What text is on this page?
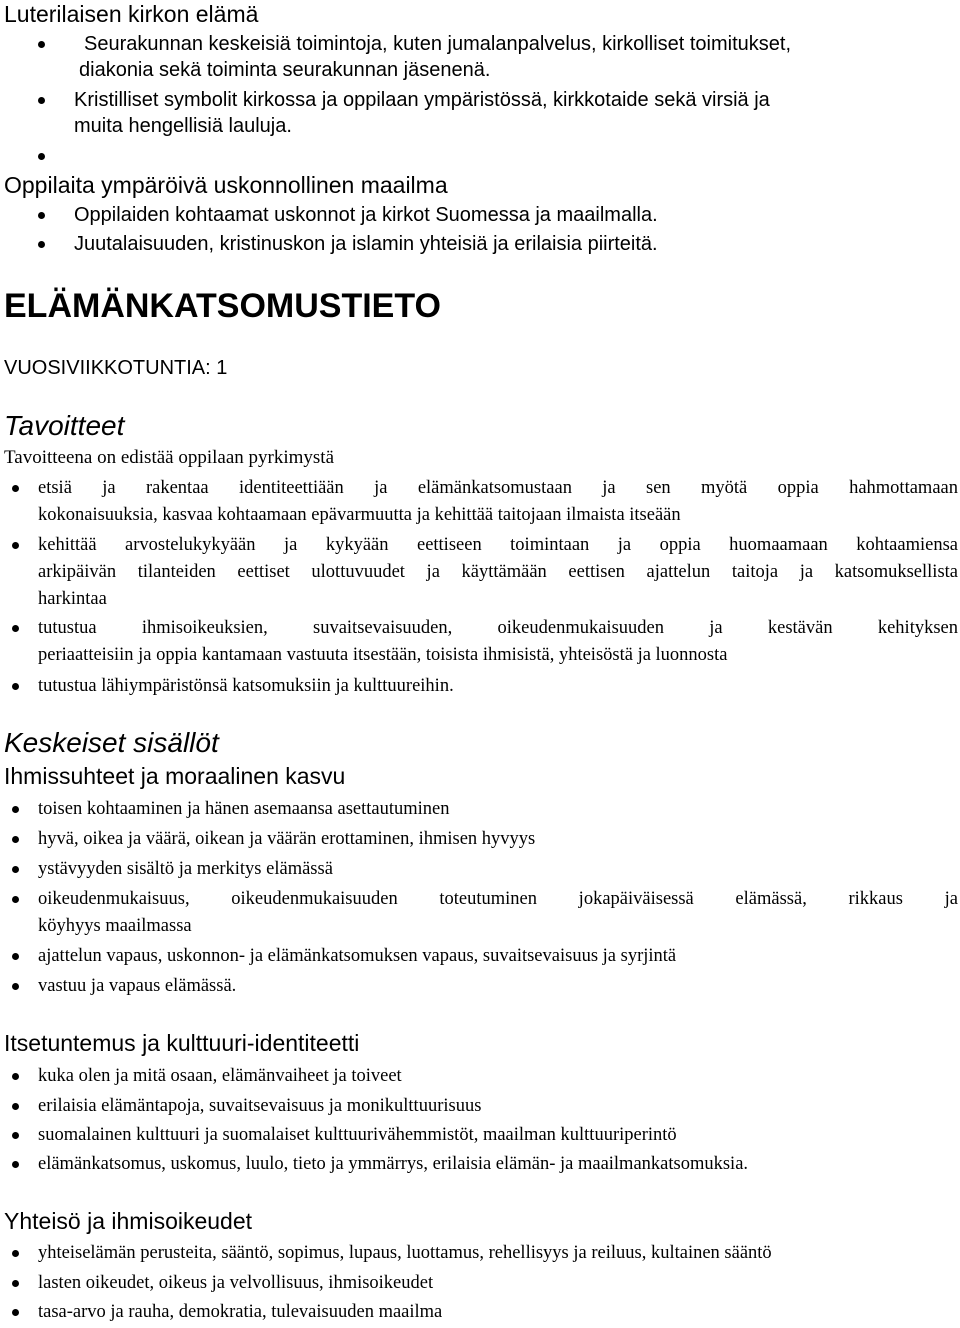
Luterilaisen kirkon elämä
Seurakunnan keskeisiä toimintoja, kuten jumalanpalvelus, kirkolliset toimitukset,
diakonia sekä toiminta seurakunnan jäsenenä.
Kristilliset symbolit kirkossa ja oppilaan ympäristössä, kirkkotaide sekä virsiä ja
muita hengellisiä lauluja.
Oppilaita ympäröivä uskonnollinen maailma
Oppilaiden kohtaamat uskonnot ja kirkot Suomessa ja maailmalla.
Juutalaisuuden, kristinuskon ja islamin yhteisiä ja erilaisia piirteitä.
ELÄMÄNKATSOMUSTIETO
VUOSIVIIKKOTUNTIA: 1
Tavoitteet
Tavoitteena on edistää oppilaan pyrkimystä
etsiä ja rakentaa identiteettiään ja elämänkatsomustaan ja sen myötä oppia hahmottamaan
kokonaisuuksia, kasvaa kohtaamaan epävarmuutta ja kehittää taitojaan ilmaista itseään
kehittää arvostelukykyään ja kykyään eettiseen toimintaan ja oppia huomaamaan kohtaamiensa
arkipäivän tilanteiden eettiset ulottuvuudet ja käyttämään eettisen ajattelun taitoja ja katsomuksellista
harkintaa
tutustua ihmisoikeuksien, suvaitsevaisuuden, oikeudenmukaisuuden ja kestävän kehityksen
periaatteisiin ja oppia kantamaan vastuuta itsestään, toisista ihmisistä, yhteisöstä ja luonnosta
tutustua lähiympäristönsä katsomuksiin ja kulttuureihin.
Keskeiset sisällöt
Ihmissuhteet ja moraalinen kasvu
toisen kohtaaminen ja hänen asemaansa asettautuminen
hyvä, oikea ja väärä, oikean ja väärän erottaminen, ihmisen hyvyys
ystävyyden sisältö ja merkitys elämässä
oikeudenmukaisuus, oikeudenmukaisuuden toteutuminen jokapäiväisessä elämässä, rikkaus ja
köyhyys maailmassa
ajattelun vapaus, uskonnon- ja elämänkatsomuksen vapaus, suvaitsevaisuus ja syrjintä
vastuu ja vapaus elämässä.
Itsetuntemus ja kulttuuri-identiteetti
kuka olen ja mitä osaan, elämänvaiheet ja toiveet
erilaisia elämäntapoja, suvaitsevaisuus ja monikulttuurisuus
suomalainen kulttuuri ja suomalaiset kulttuurivähemmistöt, maailman kulttuuriperintö
elämänkatsomus, uskomus, luulo, tieto ja ymmärrys, erilaisia elämän- ja maailmankatsomuksia.
Yhteisö ja ihmisoikeudet
yhteiselämän perusteita, sääntö, sopimus, lupaus, luottamus, rehellisyys ja reiluus, kultainen sääntö
lasten oikeudet, oikeus ja velvollisuus, ihmisoikeudet
tasa-arvo ja rauha, demokratia, tulevaisuuden maailma
